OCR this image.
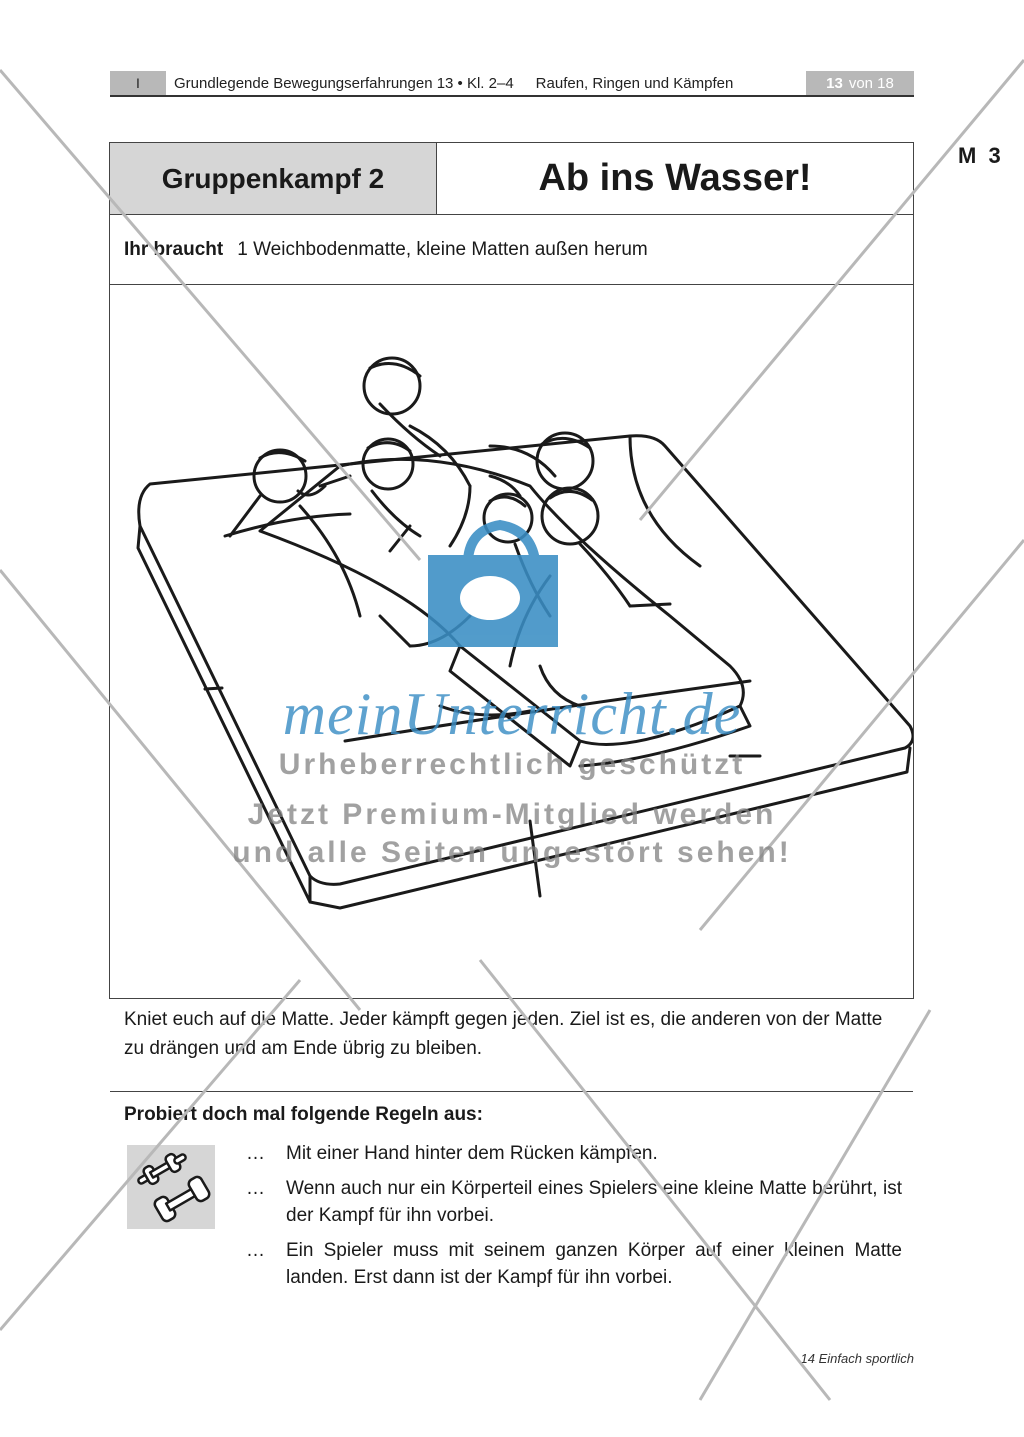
I	Grundlegende Bewegungserfahrungen 13 • Kl. 2–4 Raufen, Ringen und Kämpfen	13 von 18
M 3
Gruppenkampf 2	Ab ins Wasser!
Ihr braucht 1 Weichbodenmatte, kleine Matten außen herum
Kniet euch auf die Matte. Jeder kämpft gegen jeden. Ziel ist es, die anderen von der Matte zu drängen und am Ende übrig zu bleiben.
Probiert doch mal folgende Regeln aus:
…	Mit einer Hand hinter dem Rücken kämpfen.
…	Wenn auch nur ein Körperteil eines Spielers eine kleine Matte berührt, ist der Kampf für ihn vorbei.
…	Ein Spieler muss mit seinem ganzen Körper auf einer kleinen Matte landen. Erst dann ist der Kampf für ihn vorbei.
14 Einfach sportlich
meinUnterricht.de
Urheberrechtlich geschützt
Jetzt Premium-Mitglied werden
und alle Seiten ungestört sehen!
